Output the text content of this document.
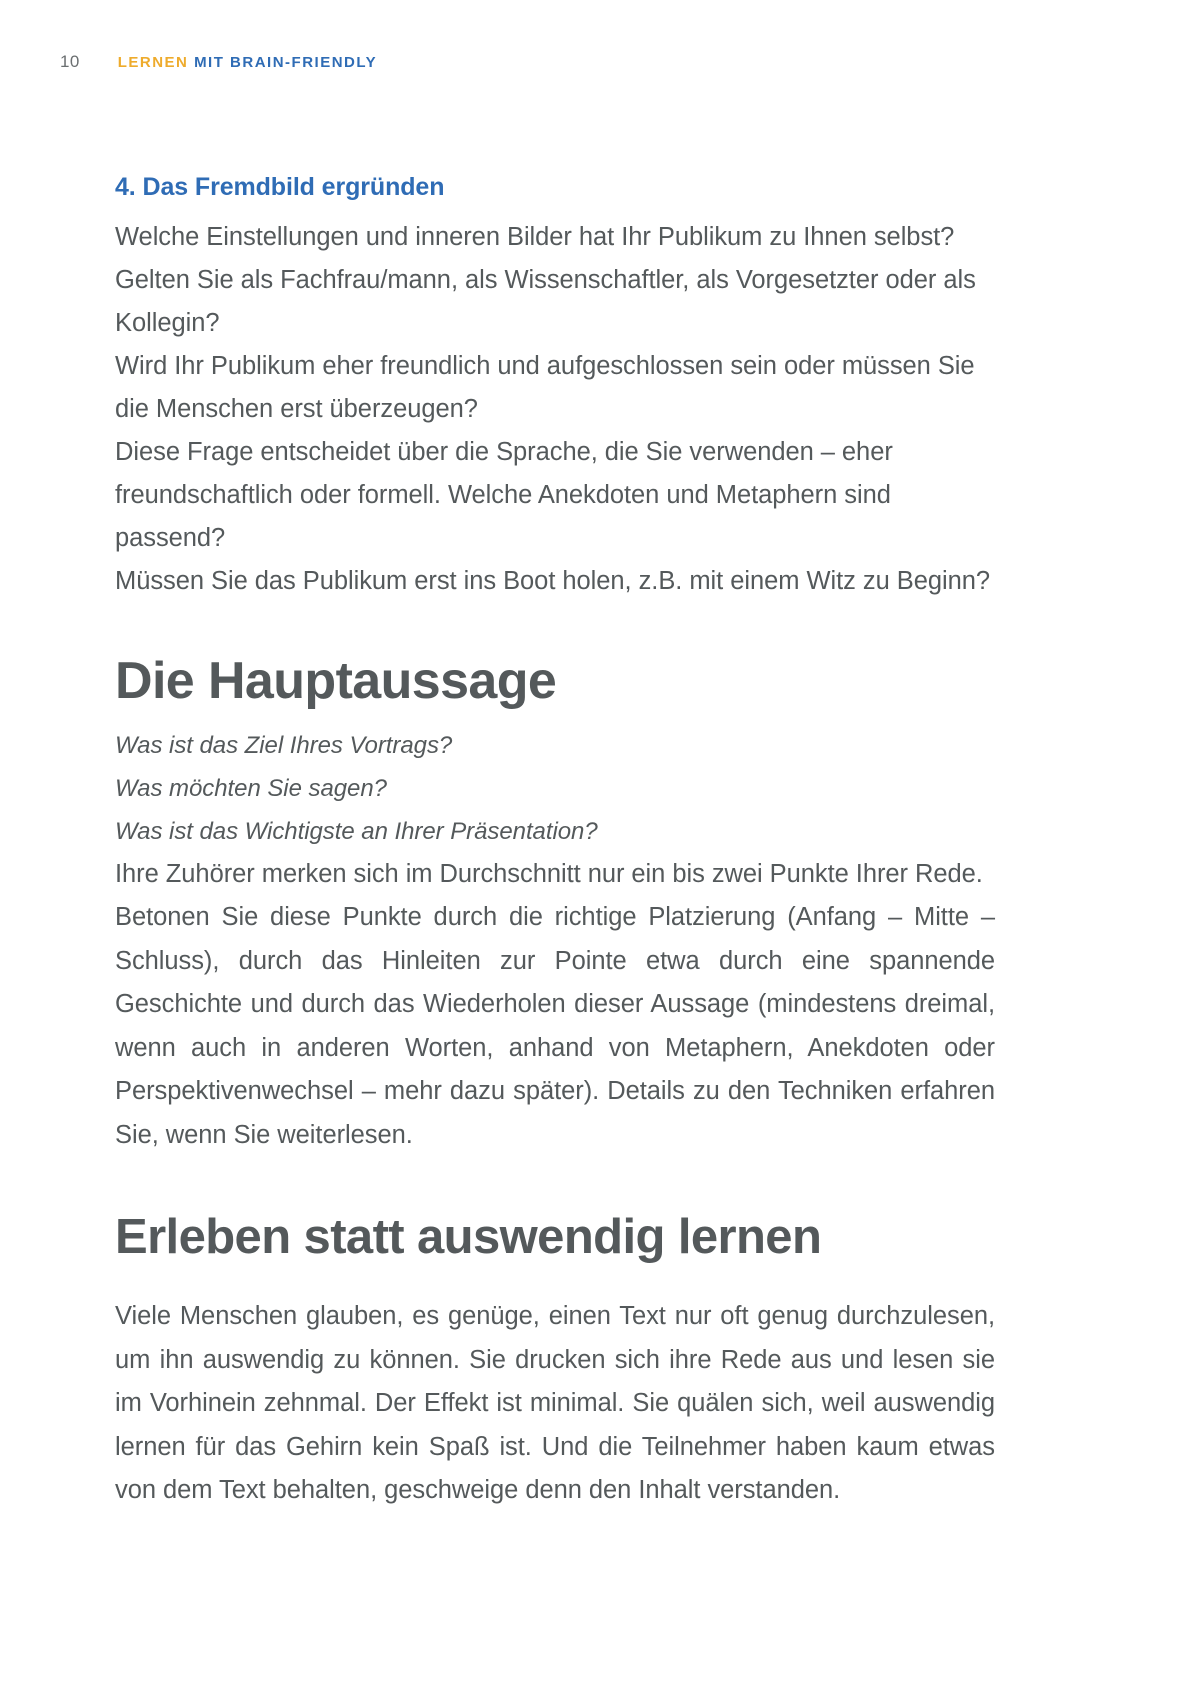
10	LERNEN MIT BRAIN-FRIENDLY
4. Das Fremdbild ergründen

Welche Einstellungen und inneren Bilder hat Ihr Publikum zu Ihnen selbst?

Gelten Sie als Fachfrau/mann, als Wissenschaftler, als Vorgesetzter oder als Kollegin?

Wird Ihr Publikum eher freundlich und aufgeschlossen sein oder müssen Sie die Menschen erst überzeugen?

Diese Frage entscheidet über die Sprache, die Sie verwenden – eher freundschaftlich oder formell. Welche Anekdoten und Metaphern sind passend?

Müssen Sie das Publikum erst ins Boot holen, z.B. mit einem Witz zu Beginn?

Die Hauptaussage

Was ist das Ziel Ihres Vortrags?

Was möchten Sie sagen?

Was ist das Wichtigste an Ihrer Präsentation?

Ihre Zuhörer merken sich im Durchschnitt nur ein bis zwei Punkte Ihrer Rede.

Betonen Sie diese Punkte durch die richtige Platzierung (Anfang – Mitte – Schluss), durch das Hinleiten zur Pointe etwa durch eine spannende Geschichte und durch das Wiederholen dieser Aussage (mindestens dreimal, wenn auch in anderen Worten, anhand von Metaphern, Anekdoten oder Perspektivenwechsel – mehr dazu später). Details zu den Techniken erfahren Sie, wenn Sie weiterlesen.

Erleben statt auswendig lernen

Viele Menschen glauben, es genüge, einen Text nur oft genug durchzulesen, um ihn auswendig zu können. Sie drucken sich ihre Rede aus und lesen sie im Vorhinein zehnmal. Der Effekt ist minimal. Sie quälen sich, weil auswendig lernen für das Gehirn kein Spaß ist. Und die Teilnehmer haben kaum etwas von dem Text behalten, geschweige denn den Inhalt verstanden.
